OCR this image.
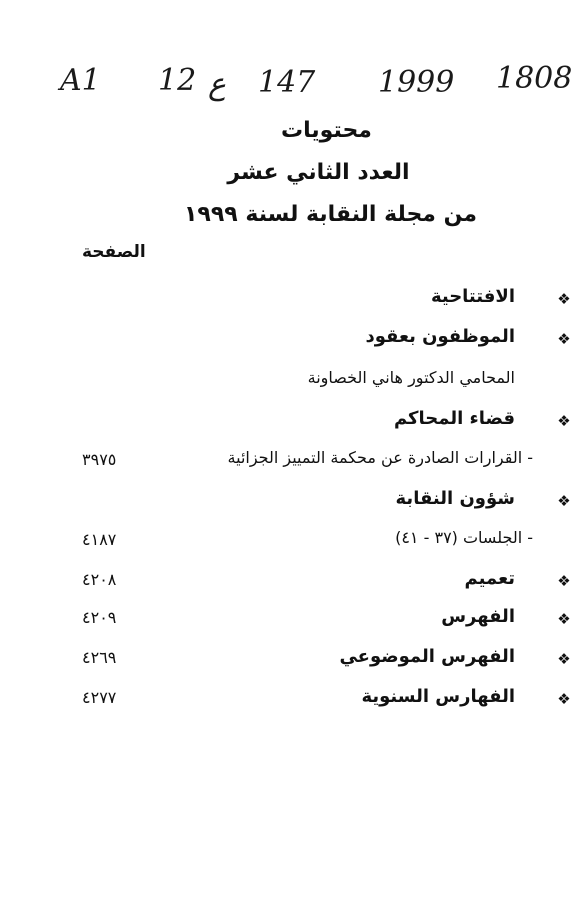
A1 12 ع 147 1999 1808
محتويات
العدد الثاني عشر
من مجلة النقابة لسنة ١٩٩٩
الصفحة
❖
الافتتاحية
❖
الموظفون بعقود
المحامي الدكتور هاني الخصاونة
❖
قضاء المحاكم
- القرارات الصادرة عن محكمة التمييز الجزائية
٣٩٧٥
❖
شؤون النقابة
- الجلسات (٣٧ - ٤١)
٤١٨٧
❖
تعميم
٤٢٠٨
❖
الفهرس
٤٢٠٩
❖
الفهرس الموضوعي
٤٢٦٩
❖
الفهارس السنوية
٤٢٧٧
